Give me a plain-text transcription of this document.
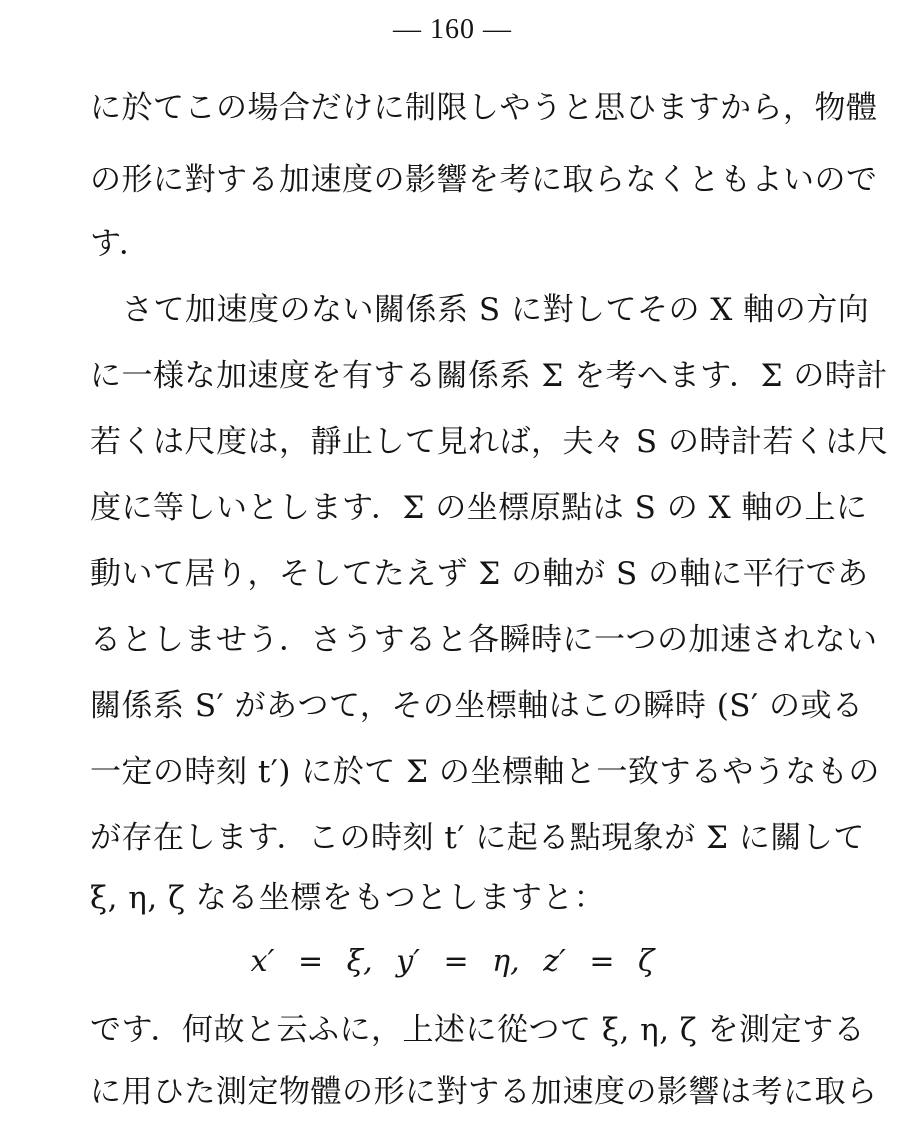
— 160 —
に於てこの場合だけに制限しやうと思ひますから，物體
の形に對する加速度の影響を考に取らなくともよいので
す．
さて加速度のない關係系 S に對してその X 軸の方向
に一様な加速度を有する關係系 Σ を考へます．Σ の時計
若くは尺度は，靜止して見れば，夫々 S の時計若くは尺
度に等しいとします．Σ の坐標原點は S の X 軸の上に
動いて居り，そしてたえず Σ の軸が S の軸に平行であ
るとしませう．さうすると各瞬時に一つの加速されない
關係系 S′ があつて，その坐標軸はこの瞬時 (S′ の或る
一定の時刻 t′) に於て Σ の坐標軸と一致するやうなもの
が存在します．この時刻 t′ に起る點現象が Σ に關して
ξ, η, ζ なる坐標をもつとしますと：
x′ = ξ, y′ = η, z′ = ζ
です．何故と云ふに，上述に從つて ξ, η, ζ を測定する
に用ひた測定物體の形に對する加速度の影響は考に取ら
